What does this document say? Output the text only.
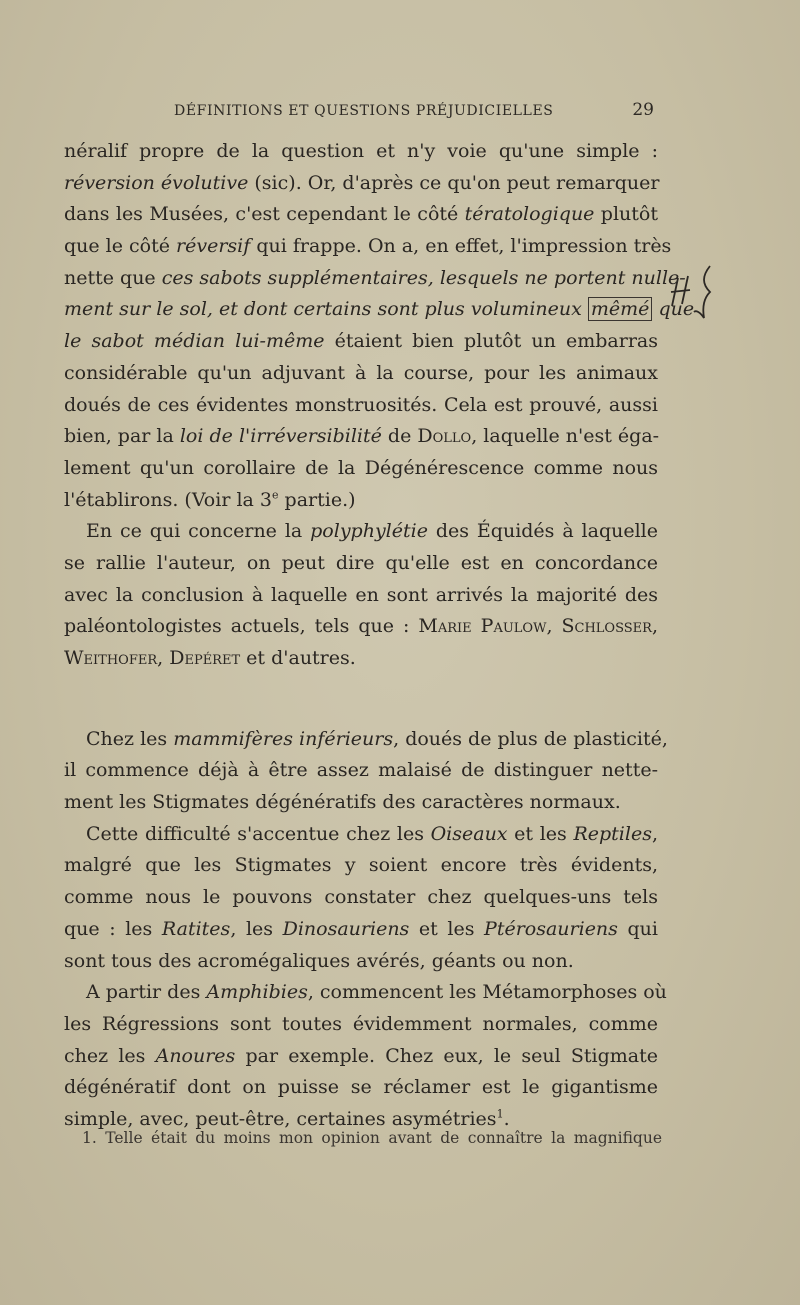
DÉFINITIONS ET QUESTIONS PRÉJUDICIELLES	29
néralif propre de la question et n'y voie qu'une simple :
réversion évolutive (sic). Or, d'après ce qu'on peut remarquer
dans les Musées, c'est cependant le côté tératologique plutôt
que le côté réversif qui frappe. On a, en effet, l'impression très
nette que ces sabots supplémentaires, lesquels ne portent nulle-
ment sur le sol, et dont certains sont plus volumineux mêmé que
le sabot médian lui-même étaient bien plutôt un embarras
considérable qu'un adjuvant à la course, pour les animaux
doués de ces évidentes monstruosités. Cela est prouvé, aussi
bien, par la loi de l'irréversibilité de Dollo, laquelle n'est éga-
lement qu'un corollaire de la Dégénérescence comme nous
l'établirons. (Voir la 3e partie.)
En ce qui concerne la polyphylétie des Équidés à laquelle
se rallie l'auteur, on peut dire qu'elle est en concordance
avec la conclusion à laquelle en sont arrivés la majorité des
paléontologistes actuels, tels que : Marie Paulow, Schlosser,
Weithofer, Depéret et d'autres.
Chez les mammifères inférieurs, doués de plus de plasticité,
il commence déjà à être assez malaisé de distinguer nette-
ment les Stigmates dégénératifs des caractères normaux.
Cette difficulté s'accentue chez les Oiseaux et les Reptiles,
malgré que les Stigmates y soient encore très évidents,
comme nous le pouvons constater chez quelques-uns tels
que : les Ratites, les Dinosauriens et les Ptérosauriens qui
sont tous des acromégaliques avérés, géants ou non.
A partir des Amphibies, commencent les Métamorphoses où
les Régressions sont toutes évidemment normales, comme
chez les Anoures par exemple. Chez eux, le seul Stigmate
dégénératif dont on puisse se réclamer est le gigantisme
simple, avec, peut-être, certaines asymétries$^1$.
1. Telle était du moins mon opinion avant de connaître la magnifique
